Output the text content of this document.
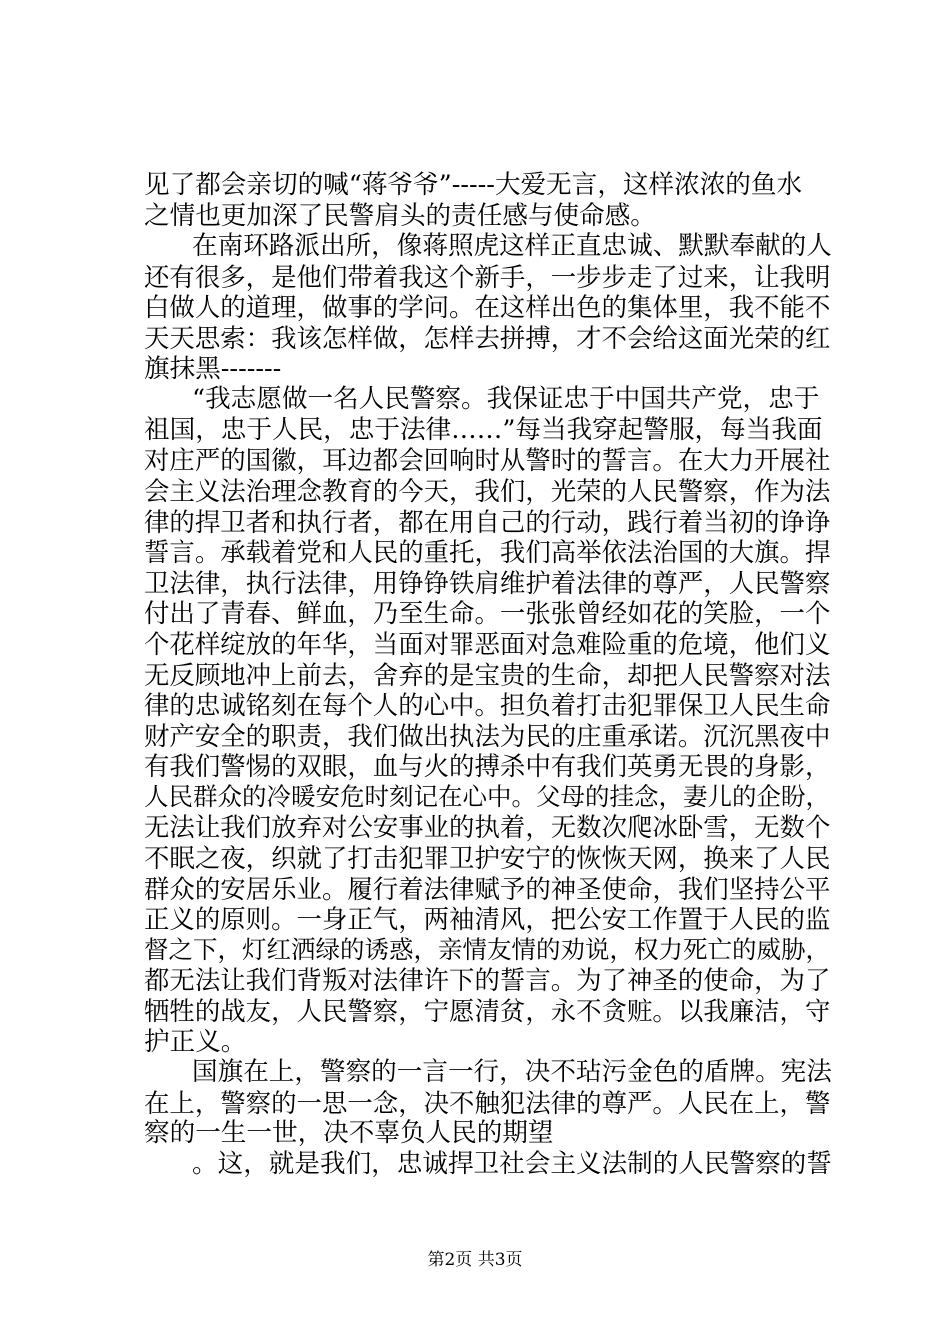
见了都会亲切的喊“蒋爷爷”-----大爱无言，这样浓浓的鱼水
之情也更加深了民警肩头的责任感与使命感。
在南环路派出所，像蒋照虎这样正直忠诚、默默奉献的人
还有很多，是他们带着我这个新手，一步步走了过来，让我明
白做人的道理，做事的学问。在这样出色的集体里，我不能不
天天思索：我该怎样做，怎样去拼搏，才不会给这面光荣的红
旗抹黑-------
“我志愿做一名人民警察。我保证忠于中国共产党，忠于
祖国，忠于人民，忠于法律……”每当我穿起警服，每当我面
对庄严的国徽，耳边都会回响时从警时的誓言。在大力开展社
会主义法治理念教育的今天，我们，光荣的人民警察，作为法
律的捍卫者和执行者，都在用自己的行动，践行着当初的诤诤
誓言。承载着党和人民的重托，我们高举依法治国的大旗。捍
卫法律，执行法律，用铮铮铁肩维护着法律的尊严，人民警察
付出了青春、鲜血，乃至生命。一张张曾经如花的笑脸，一个
个花样绽放的年华，当面对罪恶面对急难险重的危境，他们义
无反顾地冲上前去，舍弃的是宝贵的生命，却把人民警察对法
律的忠诚铭刻在每个人的心中。担负着打击犯罪保卫人民生命
财产安全的职责，我们做出执法为民的庄重承诺。沉沉黑夜中
有我们警惕的双眼，血与火的搏杀中有我们英勇无畏的身影，
人民群众的冷暖安危时刻记在心中。父母的挂念，妻儿的企盼，
无法让我们放弃对公安事业的执着，无数次爬冰卧雪，无数个
不眠之夜，织就了打击犯罪卫护安宁的恢恢天网，换来了人民
群众的安居乐业。履行着法律赋予的神圣使命，我们坚持公平
正义的原则。一身正气，两袖清风，把公安工作置于人民的监
督之下，灯红洒绿的诱惑，亲情友情的劝说，权力死亡的威胁，
都无法让我们背叛对法律许下的誓言。为了神圣的使命，为了
牺牲的战友，人民警察，宁愿清贫，永不贪赃。以我廉洁，守
护正义。
国旗在上，警察的一言一行，决不玷污金色的盾牌。宪法
在上，警察的一思一念，决不触犯法律的尊严。人民在上，警
察的一生一世，决不辜负人民的期望
。这，就是我们，忠诚捍卫社会主义法制的人民警察的誓
第2页 共3页
